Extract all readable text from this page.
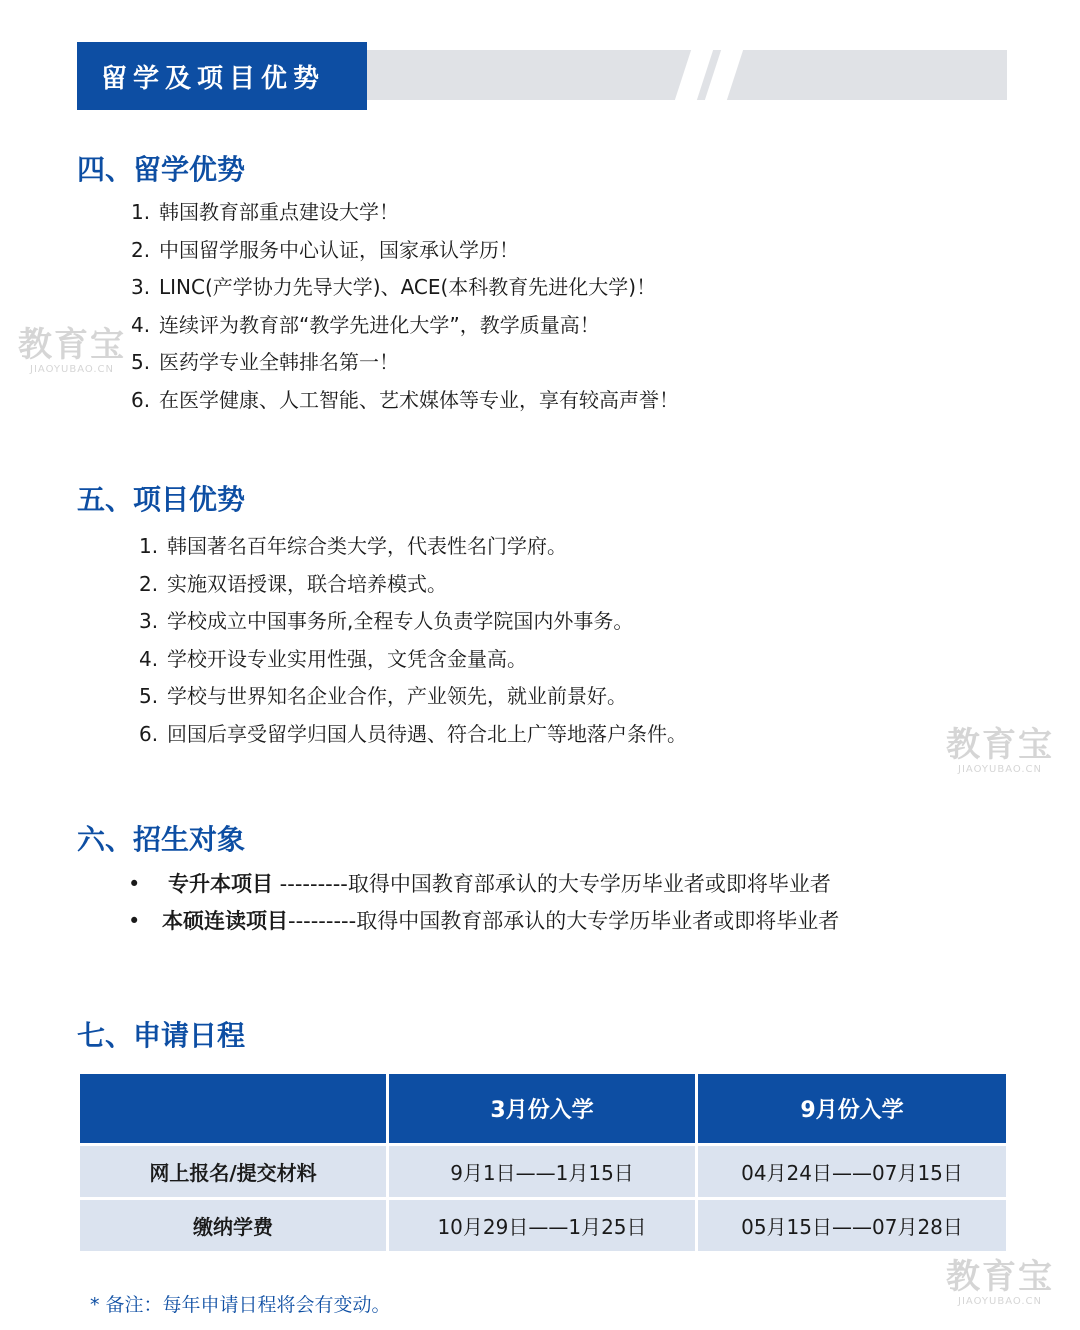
留学及项目优势
四、留学优势
1. 韩国教育部重点建设大学！
2. 中国留学服务中心认证，国家承认学历！
3. LINC(产学协力先导大学)、ACE(本科教育先进化大学)！
4. 连续评为教育部“教学先进化大学”，教学质量高！
5. 医药学专业全韩排名第一！
6. 在医学健康、人工智能、艺术媒体等专业，享有较高声誉！
五、项目优势
1. 韩国著名百年综合类大学，代表性名门学府。
2. 实施双语授课，联合培养模式。
3. 学校成立中国事务所,全程专人负责学院国内外事务。
4. 学校开设专业实用性强，文凭含金量高。
5. 学校与世界知名企业合作，产业领先，就业前景好。
6. 回国后享受留学归国人员待遇、符合北上广等地落户条件。
六、招生对象
• 专升本项目 ---------取得中国教育部承认的大专学历毕业者或即将毕业者
• 本硕连读项目---------取得中国教育部承认的大专学历毕业者或即将毕业者
七、申请日程
	3月份入学	9月份入学
网上报名/提交材料	9月1日——1月15日	04月24日——07月15日
缴纳学费	10月29日——1月25日	05月15日——07月28日

* 备注：每年申请日程将会有变动。

教育宝
JIAOYUBAO.CN
教育宝
JIAOYUBAO.CN
教育宝
JIAOYUBAO.CN
